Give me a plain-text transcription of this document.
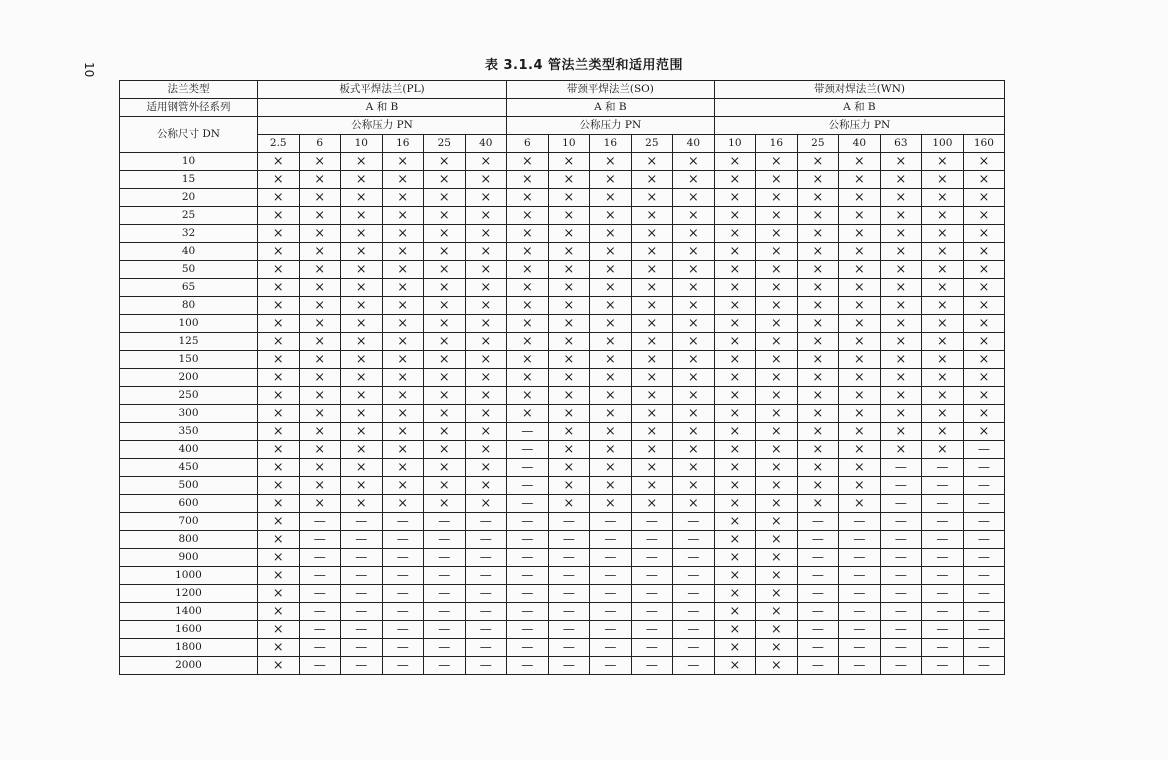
10	表 3.1.4 管法兰类型和适用范围
法兰类型	板式平焊法兰(PL)						带颈平焊法兰(SO)					带颈对焊法兰(WN)						
适用钢管外径系列	A 和 B						A 和 B					A 和 B						
公称尺寸 DN	公称压力 PN						公称压力 PN					公称压力 PN						
	2.5	6	10	16	25	40	6	10	16	25	40	10	16	25	40	63	100	160
10	×	×	×	×	×	×	×	×	×	×	×	×	×	×	×	×	×	×
15	×	×	×	×	×	×	×	×	×	×	×	×	×	×	×	×	×	×
20	×	×	×	×	×	×	×	×	×	×	×	×	×	×	×	×	×	×
25	×	×	×	×	×	×	×	×	×	×	×	×	×	×	×	×	×	×
32	×	×	×	×	×	×	×	×	×	×	×	×	×	×	×	×	×	×
40	×	×	×	×	×	×	×	×	×	×	×	×	×	×	×	×	×	×
50	×	×	×	×	×	×	×	×	×	×	×	×	×	×	×	×	×	×
65	×	×	×	×	×	×	×	×	×	×	×	×	×	×	×	×	×	×
80	×	×	×	×	×	×	×	×	×	×	×	×	×	×	×	×	×	×
100	×	×	×	×	×	×	×	×	×	×	×	×	×	×	×	×	×	×
125	×	×	×	×	×	×	×	×	×	×	×	×	×	×	×	×	×	×
150	×	×	×	×	×	×	×	×	×	×	×	×	×	×	×	×	×	×
200	×	×	×	×	×	×	×	×	×	×	×	×	×	×	×	×	×	×
250	×	×	×	×	×	×	×	×	×	×	×	×	×	×	×	×	×	×
300	×	×	×	×	×	×	×	×	×	×	×	×	×	×	×	×	×	×
350	×	×	×	×	×	×	—	×	×	×	×	×	×	×	×	×	×	×
400	×	×	×	×	×	×	—	×	×	×	×	×	×	×	×	×	×	—
450	×	×	×	×	×	×	—	×	×	×	×	×	×	×	×	—	—	—
500	×	×	×	×	×	×	—	×	×	×	×	×	×	×	×	—	—	—
600	×	×	×	×	×	×	—	×	×	×	×	×	×	×	×	—	—	—
700	×	—	—	—	—	—	—	—	—	—	—	×	×	—	—	—	—	—
800	×	—	—	—	—	—	—	—	—	—	—	×	×	—	—	—	—	—
900	×	—	—	—	—	—	—	—	—	—	—	×	×	—	—	—	—	—
1000	×	—	—	—	—	—	—	—	—	—	—	×	×	—	—	—	—	—
1200	×	—	—	—	—	—	—	—	—	—	—	×	×	—	—	—	—	—
1400	×	—	—	—	—	—	—	—	—	—	—	×	×	—	—	—	—	—
1600	×	—	—	—	—	—	—	—	—	—	—	×	×	—	—	—	—	—
1800	×	—	—	—	—	—	—	—	—	—	—	×	×	—	—	—	—	—
2000	×	—	—	—	—	—	—	—	—	—	—	×	×	—	—	—	—	—
